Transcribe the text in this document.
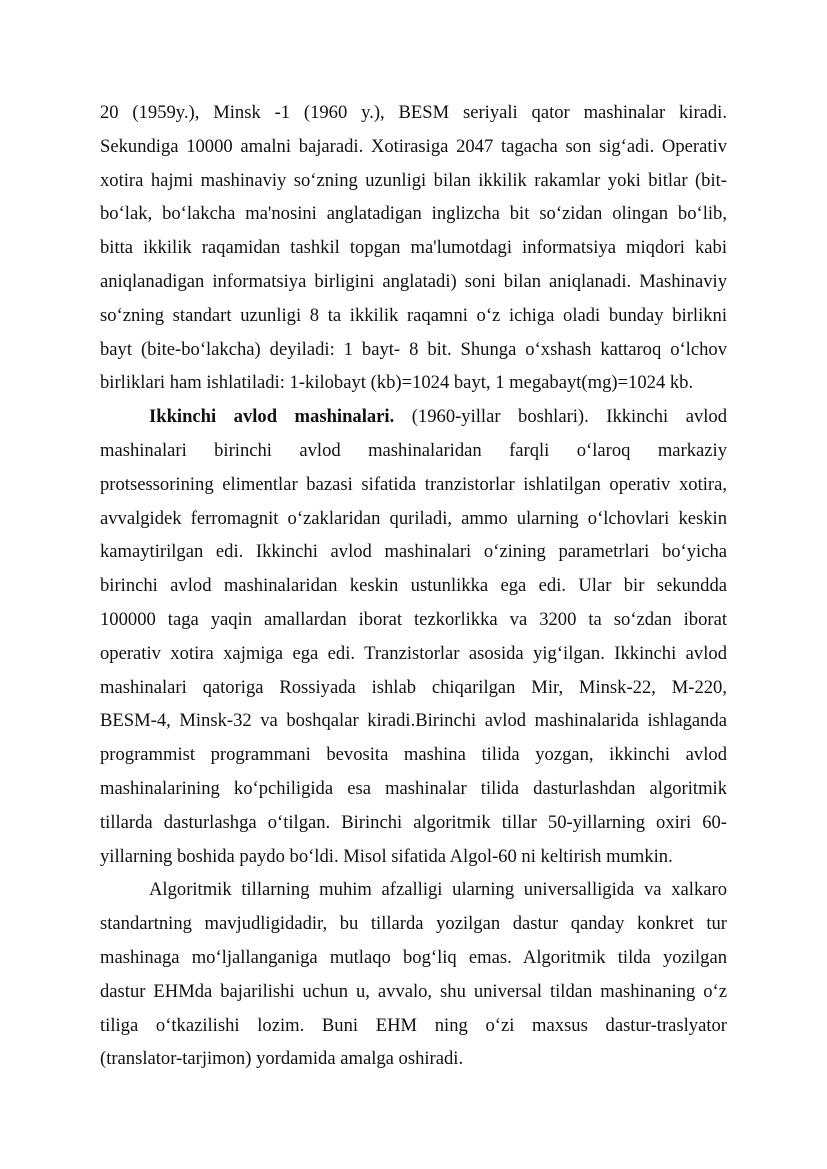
20 (1959y.), Minsk -1 (1960 y.), BESM seriyali qator mashinalar kiradi.
Sekundiga 10000 amalni bajaradi. Xotirasiga 2047 tagacha son sig‘adi. Operativ
xotira hajmi mashinaviy so‘zning uzunligi bilan ikkilik rakamlar yoki bitlar (bit-
bo‘lak, bo‘lakcha ma'nosini anglatadigan inglizcha bit so‘zidan olingan bo‘lib,
bitta ikkilik raqamidan tashkil topgan ma'lumotdagi informatsiya miqdori kabi
aniqlanadigan informatsiya birligini anglatadi) soni bilan aniqlanadi. Mashinaviy
so‘zning standart uzunligi 8 ta ikkilik raqamni o‘z ichiga oladi bunday birlikni
bayt (bite-bo‘lakcha) deyiladi: 1 bayt- 8 bit. Shunga o‘xshash kattaroq o‘lchov
birliklari ham ishlatiladi: 1-kilobayt (kb)=1024 bayt, 1 megabayt(mg)=1024 kb.
Ikkinchi avlod mashinalari. (1960-yillar boshlari). Ikkinchi avlod
mashinalari birinchi avlod mashinalaridan farqli o‘laroq markaziy
protsessorining elimentlar bazasi sifatida tranzistorlar ishlatilgan operativ xotira,
avvalgidek ferromagnit o‘zaklaridan quriladi, ammo ularning o‘lchovlari keskin
kamaytirilgan edi. Ikkinchi avlod mashinalari o‘zining parametrlari bo‘yicha
birinchi avlod mashinalaridan keskin ustunlikka ega edi. Ular bir sekundda
100000 taga yaqin amallardan iborat tezkorlikka va 3200 ta so‘zdan iborat
operativ xotira xajmiga ega edi. Tranzistorlar asosida yig‘ilgan. Ikkinchi avlod
mashinalari qatoriga Rossiyada ishlab chiqarilgan Mir, Minsk-22, M-220,
BESM-4, Minsk-32 va boshqalar kiradi.Birinchi avlod mashinalarida ishlaganda
programmist programmani bevosita mashina tilida yozgan, ikkinchi avlod
mashinalarining ko‘pchiligida esa mashinalar tilida dasturlashdan algoritmik
tillarda dasturlashga o‘tilgan. Birinchi algoritmik tillar 50-yillarning oxiri 60-
yillarning boshida paydo bo‘ldi. Misol sifatida Algol-60 ni keltirish mumkin.
Algoritmik tillarning muhim afzalligi ularning universalligida va xalkaro
standartning mavjudligidadir, bu tillarda yozilgan dastur qanday konkret tur
mashinaga mo‘ljallanganiga mutlaqo bog‘liq emas. Algoritmik tilda yozilgan
dastur EHMda bajarilishi uchun u, avvalo, shu universal tildan mashinaning o‘z
tiliga o‘tkazilishi lozim. Buni EHM ning o‘zi maxsus dastur-traslyator
(translator-tarjimon) yordamida amalga oshiradi.
